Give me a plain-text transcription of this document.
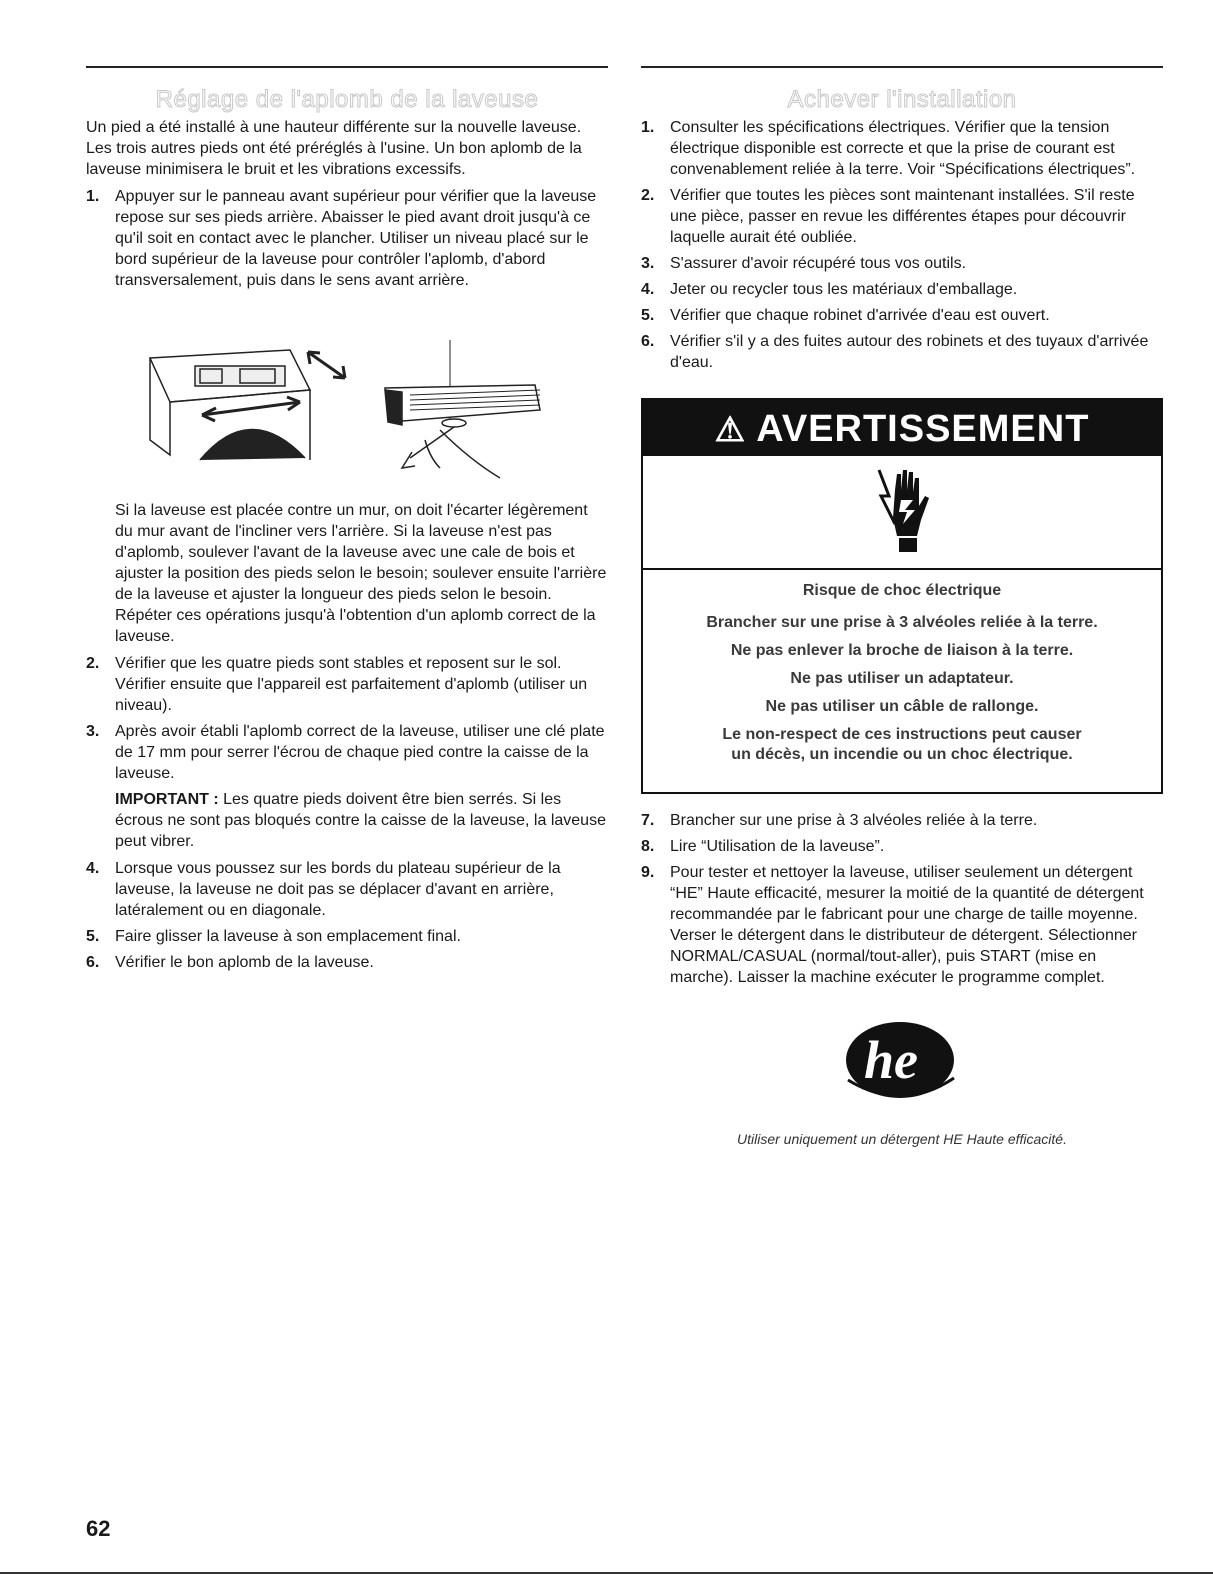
Réglage de l'aplomb de la laveuse

Un pied a été installé à une hauteur différente sur la nouvelle laveuse. Les trois autres pieds ont été préréglés à l'usine. Un bon aplomb de la laveuse minimisera le bruit et les vibrations excessifs.

1. Appuyer sur le panneau avant supérieur pour vérifier que la laveuse repose sur ses pieds arrière. Abaisser le pied avant droit jusqu'à ce qu'il soit en contact avec le plancher. Utiliser un niveau placé sur le bord supérieur de la laveuse pour contrôler l'aplomb, d'abord transversalement, puis dans le sens avant arrière.

Si la laveuse est placée contre un mur, on doit l'écarter légèrement du mur avant de l'incliner vers l'arrière. Si la laveuse n'est pas d'aplomb, soulever l'avant de la laveuse avec une cale de bois et ajuster la position des pieds selon le besoin; soulever ensuite l'arrière de la laveuse et ajuster la longueur des pieds selon le besoin. Répéter ces opérations jusqu'à l'obtention d'un aplomb correct de la laveuse.

2. Vérifier que les quatre pieds sont stables et reposent sur le sol. Vérifier ensuite que l'appareil est parfaitement d'aplomb (utiliser un niveau).
3. Après avoir établi l'aplomb correct de la laveuse, utiliser une clé plate de 17 mm pour serrer l'écrou de chaque pied contre la caisse de la laveuse.

IMPORTANT : Les quatre pieds doivent être bien serrés. Si les écrous ne sont pas bloqués contre la caisse de la laveuse, la laveuse peut vibrer.

4. Lorsque vous poussez sur les bords du plateau supérieur de la laveuse, la laveuse ne doit pas se déplacer d'avant en arrière, latéralement ou en diagonale.
5. Faire glisser la laveuse à son emplacement final.
6. Vérifier le bon aplomb de la laveuse.
Achever l'installation
1. Consulter les spécifications électriques. Vérifier que la tension électrique disponible est correcte et que la prise de courant est convenablement reliée à la terre. Voir “Spécifications électriques”.
2. Vérifier que toutes les pièces sont maintenant installées. S'il reste une pièce, passer en revue les différentes étapes pour découvrir laquelle aurait été oubliée.
3. S'assurer d'avoir récupéré tous vos outils.
4. Jeter ou recycler tous les matériaux d'emballage.
5. Vérifier que chaque robinet d'arrivée d'eau est ouvert.
6. Vérifier s'il y a des fuites autour des robinets et des tuyaux d'arrivée d'eau.
⚠ AVERTISSEMENT
Risque de choc électrique
Brancher sur une prise à 3 alvéoles reliée à la terre.
Ne pas enlever la broche de liaison à la terre.
Ne pas utiliser un adaptateur.
Ne pas utiliser un câble de rallonge.
Le non-respect de ces instructions peut causer
un décès, un incendie ou un choc électrique.
7. Brancher sur une prise à 3 alvéoles reliée à la terre.
8. Lire “Utilisation de la laveuse”.
9. Pour tester et nettoyer la laveuse, utiliser seulement un détergent “HE” Haute efficacité, mesurer la moitié de la quantité de détergent recommandée par le fabricant pour une charge de taille moyenne. Verser le détergent dans le distributeur de détergent. Sélectionner NORMAL/CASUAL (normal/tout-aller), puis START (mise en marche). Laisser la machine exécuter le programme complet.
he
Utiliser uniquement un détergent HE Haute efficacité.
62
